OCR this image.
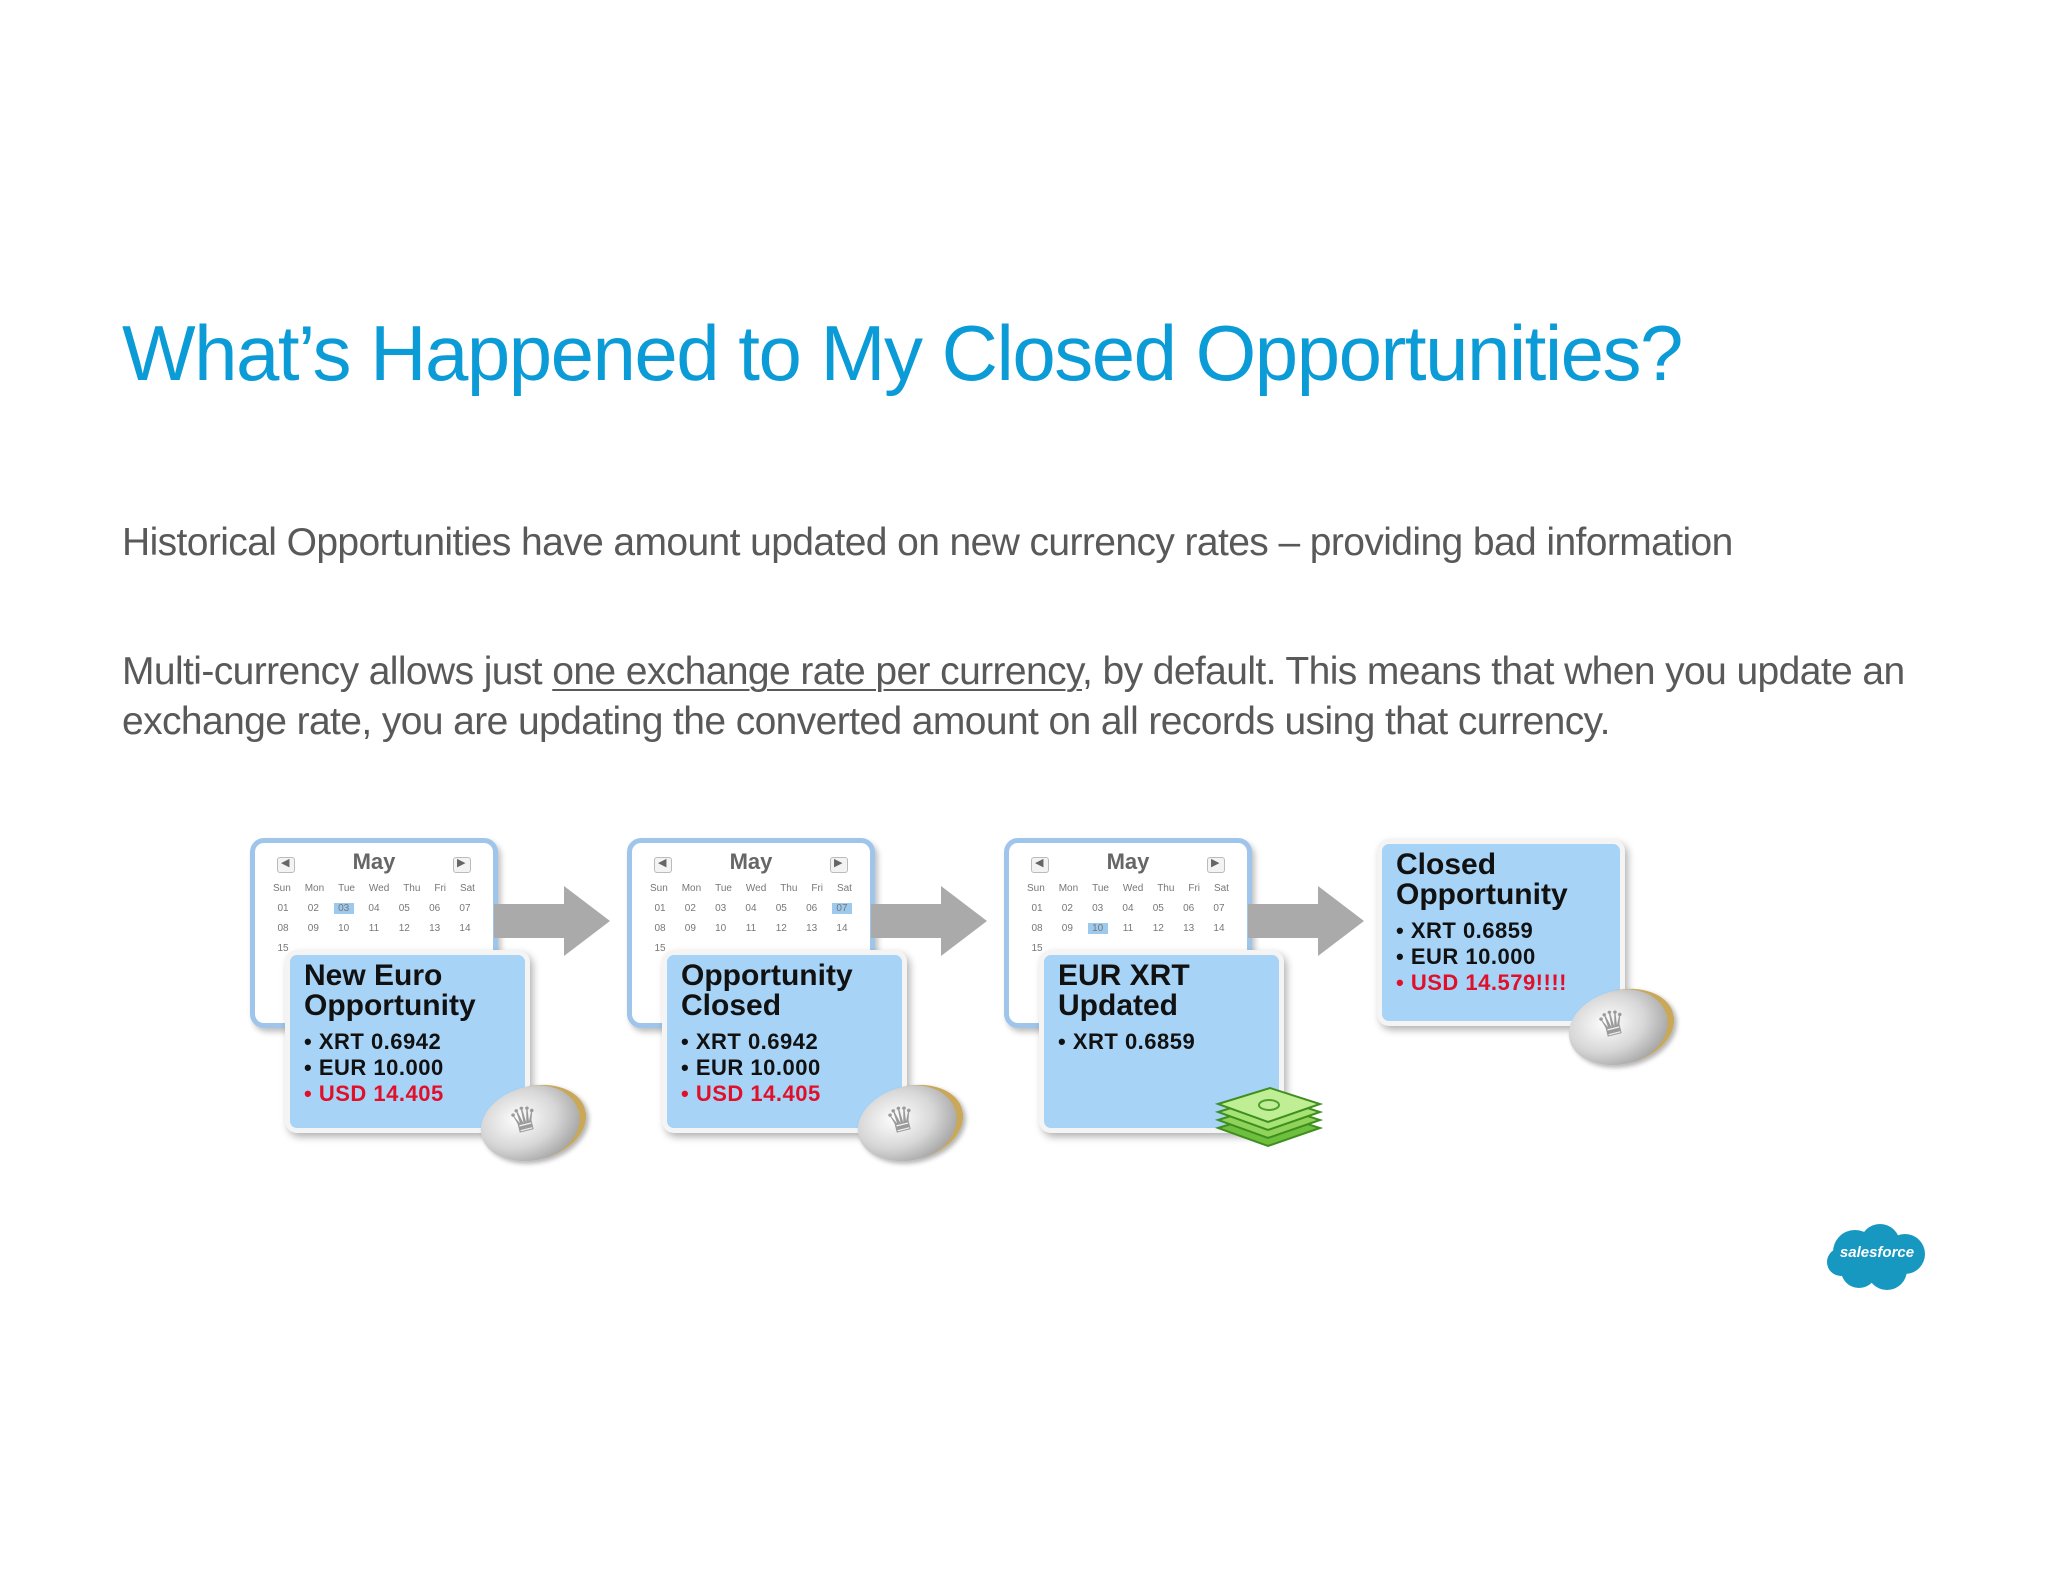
What’s Happened to My Closed Opportunities?
Historical Opportunities have amount updated on new currency rates – providing bad information
Multi-currency allows just one exchange rate per currency, by default. This means that when you update an exchange rate, you are updating the converted amount on all records using that currency.
◀	May	▶
Sun Mon Tue Wed Thu Fri Sat
01	02	03	04	05	06	07
08	09	10	11	12	13	14
15
New Euro Opportunity
• XRT 0.6942
• EUR 10.000
• USD 14.405
♛
◀	May	▶
Sun Mon Tue Wed Thu Fri Sat
01	02	03	04	05	06	07
08	09	10	11	12	13	14
15
Opportunity Closed
• XRT 0.6942
• EUR 10.000
• USD 14.405
♛
◀	May	▶
Sun Mon Tue Wed Thu Fri Sat
01	02	03	04	05	06	07
08	09	10	11	12	13	14
15
EUR XRT Updated
• XRT 0.6859
Closed Opportunity
• XRT 0.6859
• EUR 10.000
• USD 14.579!!!!
♛
salesforce
